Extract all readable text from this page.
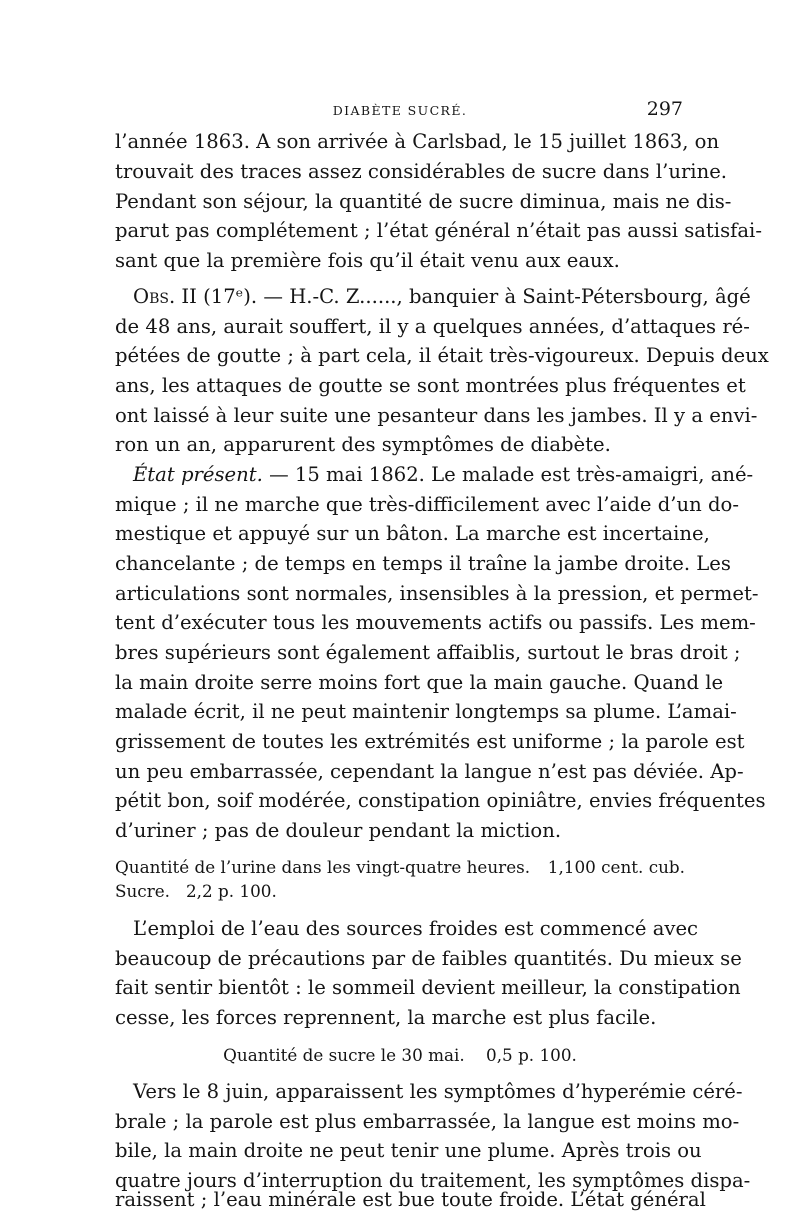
DIABÈTE SUCRÉ.	297
l’année 1863. A son arrivée à Carlsbad, le 15 juillet 1863, on
trouvait des traces assez considérables de sucre dans l’urine.
Pendant son séjour, la quantité de sucre diminua, mais ne dis-
parut pas complétement ; l’état général n’était pas aussi satisfai-
sant que la première fois qu’il était venu aux eaux.
Obs. II (17ᵉ). — H.-C. Z......, banquier à Saint-Pétersbourg, âgé
de 48 ans, aurait souffert, il y a quelques années, d’attaques ré-
pétées de goutte ; à part cela, il était très-vigoureux. Depuis deux
ans, les attaques de goutte se sont montrées plus fréquentes et
ont laissé à leur suite une pesanteur dans les jambes. Il y a envi-
ron un an, apparurent des symptômes de diabète.
État présent. — 15 mai 1862. Le malade est très-amaigri, ané-
mique ; il ne marche que très-difficilement avec l’aide d’un do-
mestique et appuyé sur un bâton. La marche est incertaine,
chancelante ; de temps en temps il traîne la jambe droite. Les
articulations sont normales, insensibles à la pression, et permet-
tent d’exécuter tous les mouvements actifs ou passifs. Les mem-
bres supérieurs sont également affaiblis, surtout le bras droit ;
la main droite serre moins fort que la main gauche. Quand le
malade écrit, il ne peut maintenir longtemps sa plume. L’amai-
grissement de toutes les extrémités est uniforme ; la parole est
un peu embarrassée, cependant la langue n’est pas déviée. Ap-
pétit bon, soif modérée, constipation opiniâtre, envies fréquentes
d’uriner ; pas de douleur pendant la miction.
Quantité de l’urine dans les vingt-quatre heures. 1,100 cent. cub.
Sucre.   2,2 p. 100.
L’emploi de l’eau des sources froides est commencé avec
beaucoup de précautions par de faibles quantités. Du mieux se
fait sentir bientôt : le sommeil devient meilleur, la constipation
cesse, les forces reprennent, la marche est plus facile.
Quantité de sucre le 30 mai.    0,5 p. 100.
Vers le 8 juin, apparaissent les symptômes d’hyperémie céré-
brale ; la parole est plus embarrassée, la langue est moins mo-
bile, la main droite ne peut tenir une plume. Après trois ou
quatre jours d’interruption du traitement, les symptômes dispa-
raissent ; l’eau minérale est bue toute froide. L’état général
